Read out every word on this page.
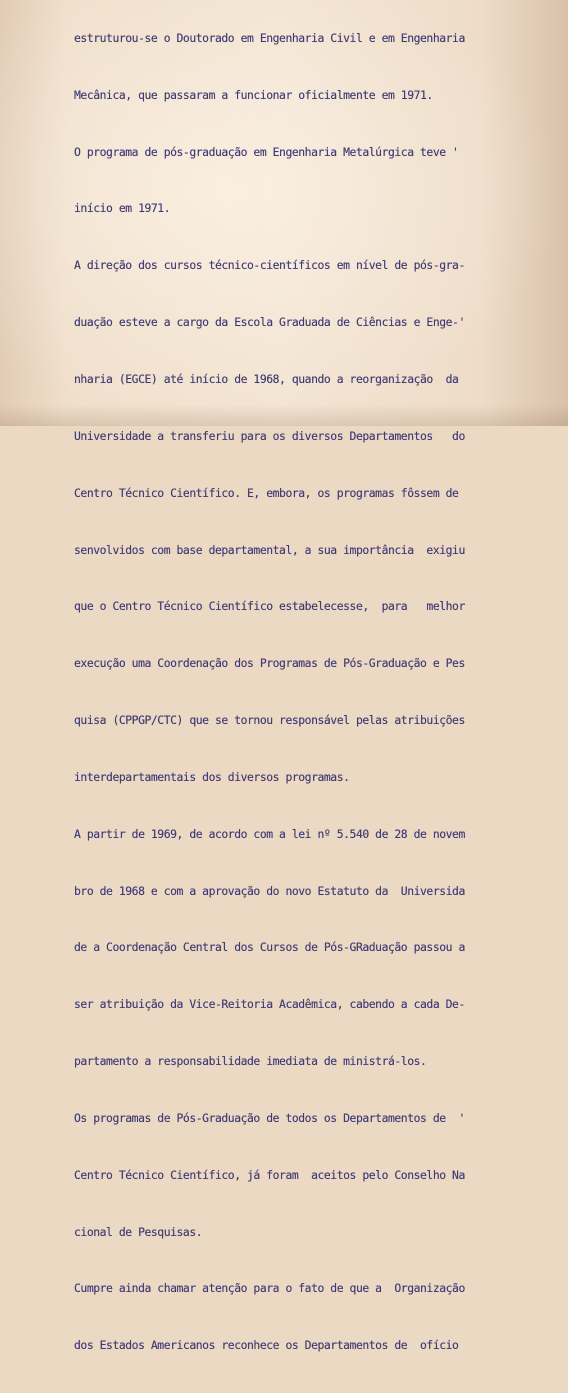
estruturou-se o Doutorado em Engenharia Civil e em Engenharia

Mecânica, que passaram a funcionar oficialmente em 1971.

O programa de pós-graduação em Engenharia Metalúrgica teve '

início em 1971.

A direção dos cursos técnico-científicos em nível de pós-gra-

duação esteve a cargo da Escola Graduada de Ciências e Enge-'

nharia (EGCE) até início de 1968, quando a reorganização  da

Universidade a transferiu para os diversos Departamentos   do

Centro Técnico Científico. E, embora, os programas fôssem de

senvolvidos com base departamental, a sua importância  exigiu

que o Centro Técnico Científico estabelecesse,  para   melhor

execução uma Coordenação dos Programas de Pós-Graduação e Pes

quisa (CPPGP/CTC) que se tornou responsável pelas atribuições

interdepartamentais dos diversos programas.

A partir de 1969, de acordo com a lei nº 5.540 de 28 de novem

bro de 1968 e com a aprovação do novo Estatuto da  Universida

de a Coordenação Central dos Cursos de Pós-GRaduação passou a

ser atribuição da Vice-Reitoria Acadêmica, cabendo a cada De-

partamento a responsabilidade imediata de ministrá-los.

Os programas de Pós-Graduação de todos os Departamentos de  '

Centro Técnico Científico, já foram  aceitos pelo Conselho Na

cional de Pesquisas.

Cumpre ainda chamar atenção para o fato de que a  Organização

dos Estados Americanos reconhece os Departamentos de  ofício
